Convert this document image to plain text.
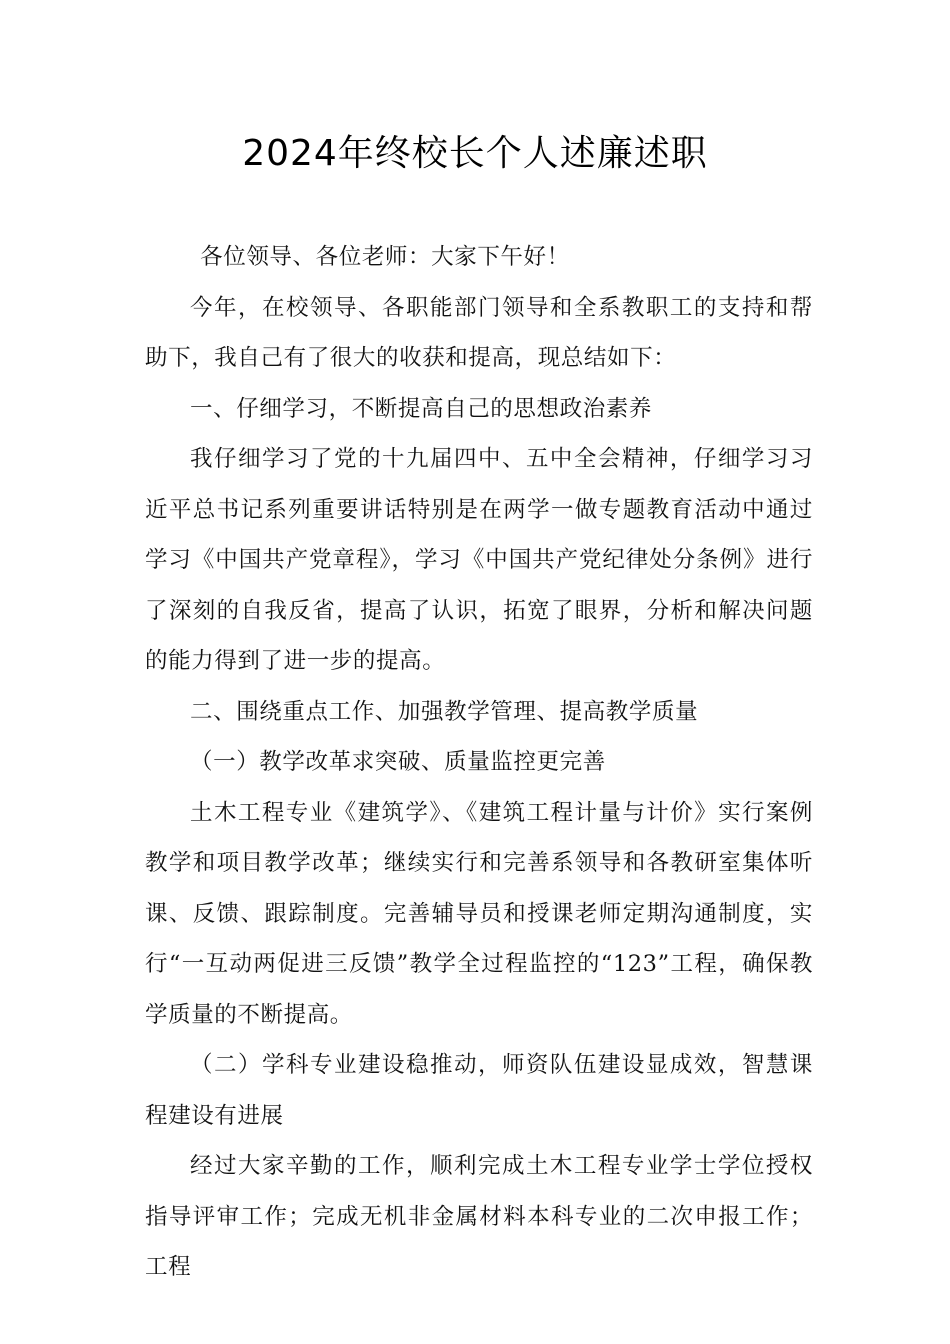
2024年终校长个人述廉述职

各位领导、各位老师：大家下午好！

今年，在校领导、各职能部门领导和全系教职工的支持和帮助下，我自己有了很大的收获和提高，现总结如下：

一、仔细学习，不断提高自己的思想政治素养

我仔细学习了党的十九届四中、五中全会精神，仔细学习习近平总书记系列重要讲话特别是在两学一做专题教育活动中通过学习《中国共产党章程》，学习《中国共产党纪律处分条例》进行了深刻的自我反省，提高了认识，拓宽了眼界，分析和解决问题的能力得到了进一步的提高。

二、围绕重点工作、加强教学管理、提高教学质量

（一）教学改革求突破、质量监控更完善

土木工程专业《建筑学》、《建筑工程计量与计价》实行案例教学和项目教学改革；继续实行和完善系领导和各教研室集体听课、反馈、跟踪制度。完善辅导员和授课老师定期沟通制度，实行“一互动两促进三反馈”教学全过程监控的“123”工程，确保教学质量的不断提高。

（二）学科专业建设稳推动，师资队伍建设显成效，智慧课程建设有进展

经过大家辛勤的工作，顺利完成土木工程专业学士学位授权指导评审工作；完成无机非金属材料本科专业的二次申报工作；工程
